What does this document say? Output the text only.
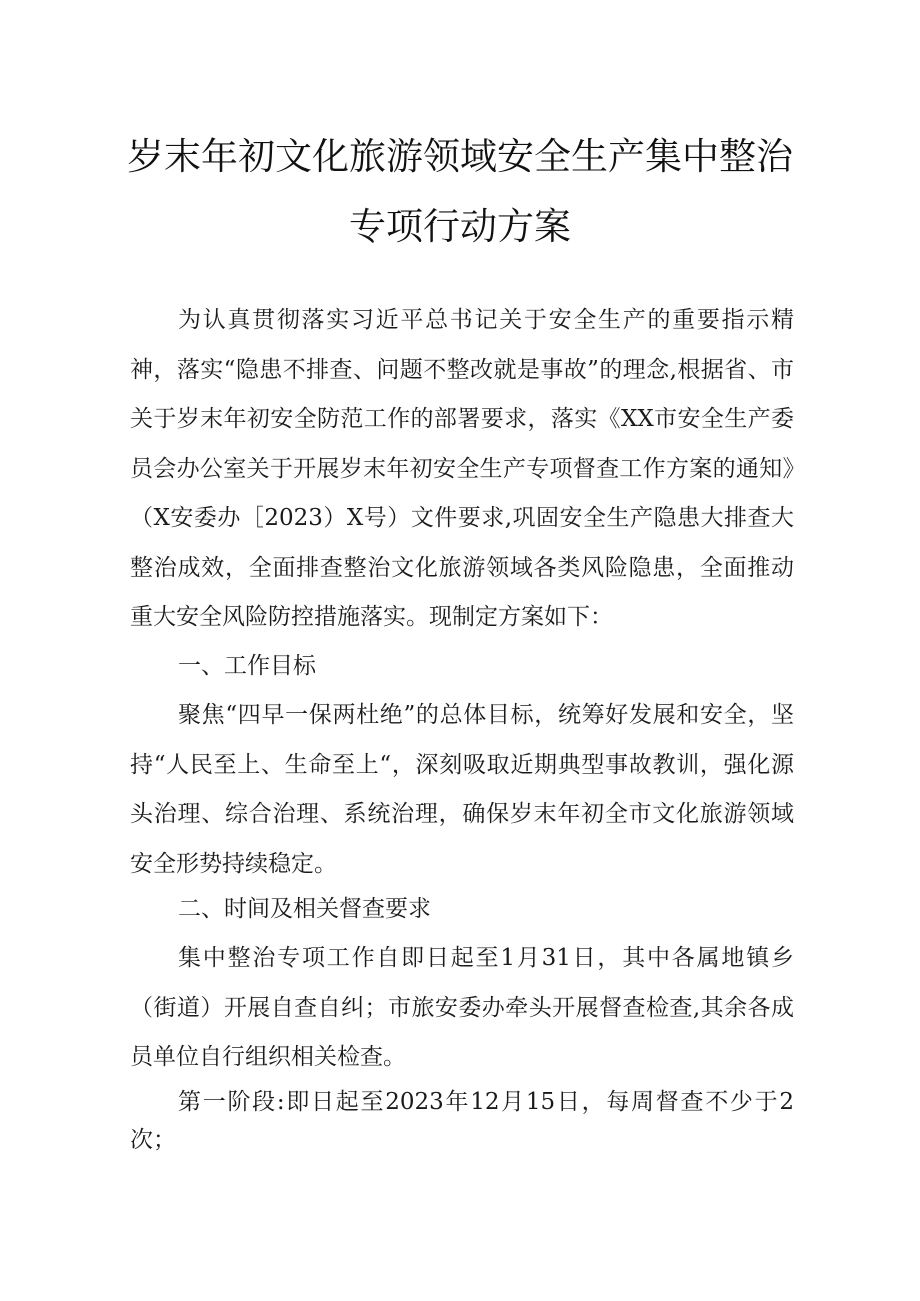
岁末年初文化旅游领域安全生产集中整治
专项行动方案

为认真贯彻落实习近平总书记关于安全生产的重要指示精神，落实“隐患不排查、问题不整改就是事故”的理念,根据省、市关于岁末年初安全防范工作的部署要求，落实《XX市安全生产委员会办公室关于开展岁末年初安全生产专项督查工作方案的通知》（X安委办［2023）X号）文件要求,巩固安全生产隐患大排查大整治成效，全面排查整治文化旅游领域各类风险隐患，全面推动重大安全风险防控措施落实。现制定方案如下：

一、工作目标

聚焦“四早一保两杜绝”的总体目标，统筹好发展和安全，坚持“人民至上、生命至上“，深刻吸取近期典型事故教训，强化源头治理、综合治理、系统治理，确保岁末年初全市文化旅游领域安全形势持续稳定。

二、时间及相关督查要求

集中整治专项工作自即日起至1月31日，其中各属地镇乡（街道）开展自查自纠；市旅安委办牵头开展督查检查,其余各成员单位自行组织相关检查。

第一阶段:即日起至2023年12月15日，每周督查不少于2次；
